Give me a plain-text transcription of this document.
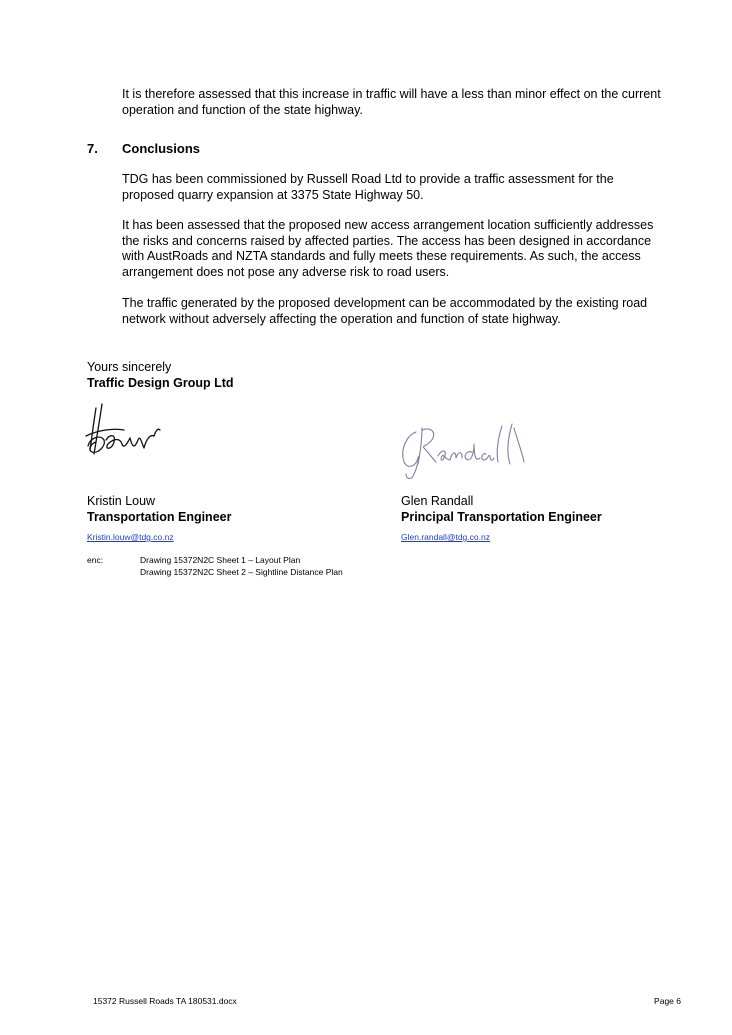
It is therefore assessed that this increase in traffic will have a less than minor effect on the current operation and function of the state highway.

7. Conclusions

TDG has been commissioned by Russell Road Ltd to provide a traffic assessment for the proposed quarry expansion at 3375 State Highway 50.

It has been assessed that the proposed new access arrangement location sufficiently addresses the risks and concerns raised by affected parties. The access has been designed in accordance with AustRoads and NZTA standards and fully meets these requirements. As such, the access arrangement does not pose any adverse risk to road users.

The traffic generated by the proposed development can be accommodated by the existing road network without adversely affecting the operation and function of state highway.

Yours sincerely
Traffic Design Group Ltd
Kristin Louw
Transportation Engineer
Kristin.louw@tdg.co.nz
Glen Randall
Principal Transportation Engineer
Glen.randall@tdg.co.nz
enc:	Drawing 15372N2C Sheet 1 – Layout Plan
Drawing 15372N2C Sheet 2 – Sightline Distance Plan
15372 Russell Roads TA 180531.docx	Page 6
